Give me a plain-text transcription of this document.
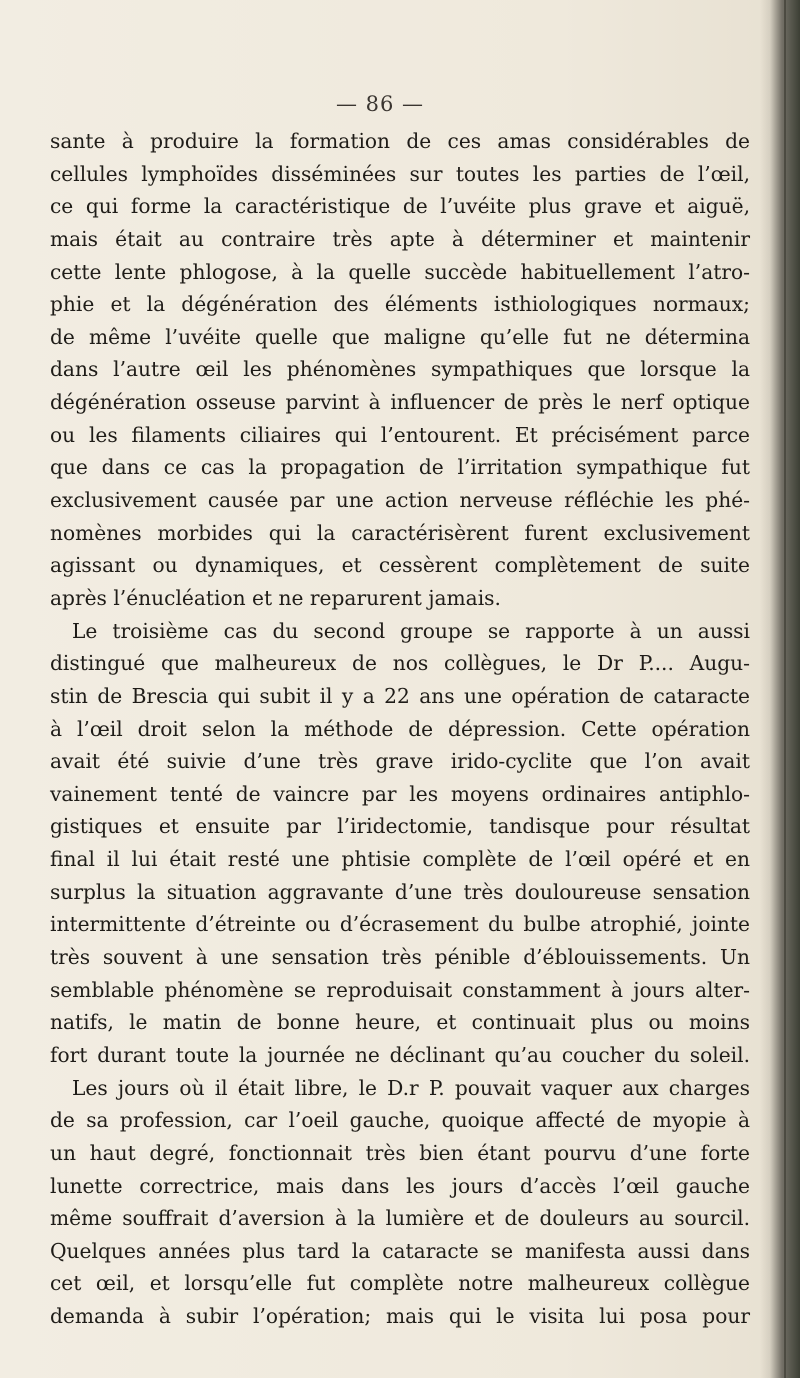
— 86 —
sante à produire la formation de ces amas considérables de
cellules lymphoïdes disséminées sur toutes les parties de l’œil,
ce qui forme la caractéristique de l’uvéite plus grave et aiguë,
mais était au contraire très apte à déterminer et maintenir
cette lente phlogose, à la quelle succède habituellement l’atro-
phie et la dégénération des éléments isthiologiques normaux;
de même l’uvéite quelle que maligne qu’elle fut ne détermina
dans l’autre œil les phénomènes sympathiques que lorsque la
dégénération osseuse parvint à influencer de près le nerf optique
ou les filaments ciliaires qui l’entourent. Et précisément parce
que dans ce cas la propagation de l’irritation sympathique fut
exclusivement causée par une action nerveuse réfléchie les phé-
nomènes morbides qui la caractérisèrent furent exclusivement
agissant ou dynamiques, et cessèrent complètement de suite
après l’énucléation et ne reparurent jamais.
Le troisième cas du second groupe se rapporte à un aussi
distingué que malheureux de nos collègues, le Dr P.... Augu-
stin de Brescia qui subit il y a 22 ans une opération de cataracte
à l’œil droit selon la méthode de dépression. Cette opération
avait été suivie d’une très grave irido-cyclite que l’on avait
vainement tenté de vaincre par les moyens ordinaires antiphlo-
gistiques et ensuite par l’iridectomie, tandisque pour résultat
final il lui était resté une phtisie complète de l’œil opéré et en
surplus la situation aggravante d’une très douloureuse sensation
intermittente d’étreinte ou d’écrasement du bulbe atrophié, jointe
très souvent à une sensation très pénible d’éblouissements. Un
semblable phénomène se reproduisait constamment à jours alter-
natifs, le matin de bonne heure, et continuait plus ou moins
fort durant toute la journée ne déclinant qu’au coucher du soleil.
Les jours où il était libre, le D.r P. pouvait vaquer aux charges
de sa profession, car l’oeil gauche, quoique affecté de myopie à
un haut degré, fonctionnait très bien étant pourvu d’une forte
lunette correctrice, mais dans les jours d’accès l’œil gauche
même souffrait d’aversion à la lumière et de douleurs au sourcil.
Quelques années plus tard la cataracte se manifesta aussi dans
cet œil, et lorsqu’elle fut complète notre malheureux collègue
demanda à subir l’opération; mais qui le visita lui posa pour
